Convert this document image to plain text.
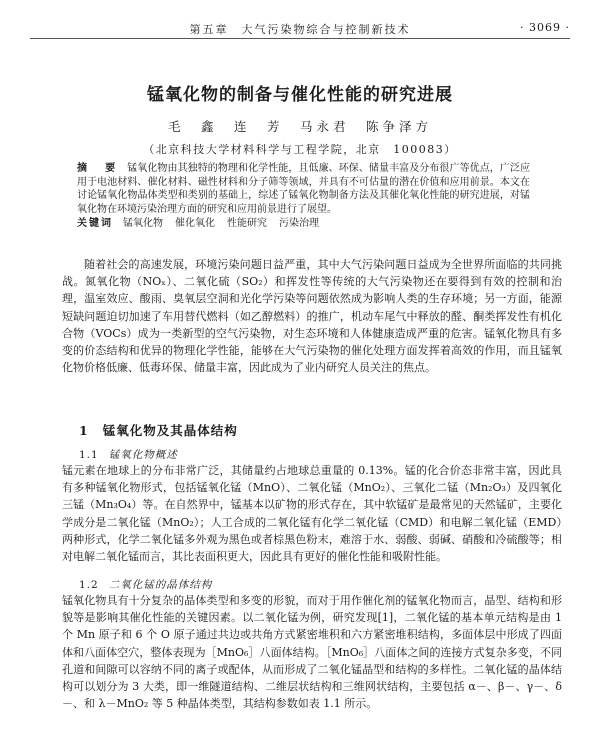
第五章　大气污染物综合与控制新技术	· 3069 ·
锰氧化物的制备与催化性能的研究进展
毛　鑫　连　芳　马永君　陈争泽方
（北京科技大学材料科学与工程学院，北京　100083）
摘　要 锰氧化物由其独特的物理和化学性能，且低廉、环保、储量丰富及分布很广等优点，广泛应用于电池材料、催化材料、磁性材料和分子筛等领域，并具有不可估量的潜在价值和应用前景。本文在讨论锰氧化物晶体类型和类别的基础上，综述了锰氧化物制备方法及其催化氧化性能的研究进展，对锰氧化物在环境污染治理方面的研究和应用前景进行了展望。
关键词 锰氧化物 催化氧化 性能研究 污染治理
随着社会的高速发展，环境污染问题日益严重，其中大气污染问题日益成为全世界所面临的共同挑战。氮氧化物（NOₓ）、二氧化硫（SO₂）和挥发性等传统的大气污染物还在要得到有效的控制和治理，温室效应、酸雨、臭氧层空洞和光化学污染等问题依然成为影响人类的生存环境；另一方面，能源短缺问题迫切加速了车用替代燃料（如乙醇燃料）的推广，机动车尾气中释放的醛、酮类挥发性有机化合物（VOCs）成为一类新型的空气污染物，对生态环境和人体健康造成严重的危害。锰氧化物具有多变的价态结构和优异的物理化学性能，能够在大气污染物的催化处理方面发挥着高效的作用，而且锰氧化物价格低廉、低毒环保、储量丰富，因此成为了业内研究人员关注的焦点。
1 锰氧化物及其晶体结构
1.1 锰氧化物概述
锰元素在地球上的分布非常广泛，其储量约占地球总重量的 0.13%。锰的化合价态非常丰富，因此具有多种锰氧化物形式，包括锰氧化锰（MnO）、二氧化锰（MnO₂）、三氧化二锰（Mn₂O₃）及四氧化三锰（Mn₃O₄）等。在自然界中，锰基本以矿物的形式存在，其中软锰矿是最常见的天然锰矿，主要化学成分是二氧化锰（MnO₂）；人工合成的二氧化锰有化学二氧化锰（CMD）和电解二氧化锰（EMD）两种形式，化学二氧化锰多外观为黑色或者棕黑色粉末，难溶于水、弱酸、弱碱、硝酸和冷硫酸等；相对电解二氧化锰而言，其比表面积更大，因此具有更好的催化性能和吸附性能。
1.2 二氧化锰的晶体结构
锰氧化物具有十分复杂的晶体类型和多变的形貌，而对于用作催化剂的锰氧化物而言，晶型、结构和形貌等是影响其催化性能的关键因素。以二氧化锰为例，研究发现[1]，二氧化锰的基本单元结构是由 1 个 Mn 原子和 6 个 O 原子通过共边或共角方式紧密堆积和六方紧密堆积结构，多面体层中形成了四面体和八面体空穴，整体表现为［MnO₆］八面体结构。［MnO₆］八面体之间的连接方式复杂多变，不同孔道和间隙可以容纳不同的离子或配体，从而形成了二氧化锰晶型和结构的多样性。二氧化锰的晶体结构可以划分为 3 大类，即一维隧道结构、二维层状结构和三维网状结构，主要包括 α－、β－、γ－、δ－、和 λ－MnO₂ 等 5 种晶体类型，其结构参数如表 1.1 所示。
